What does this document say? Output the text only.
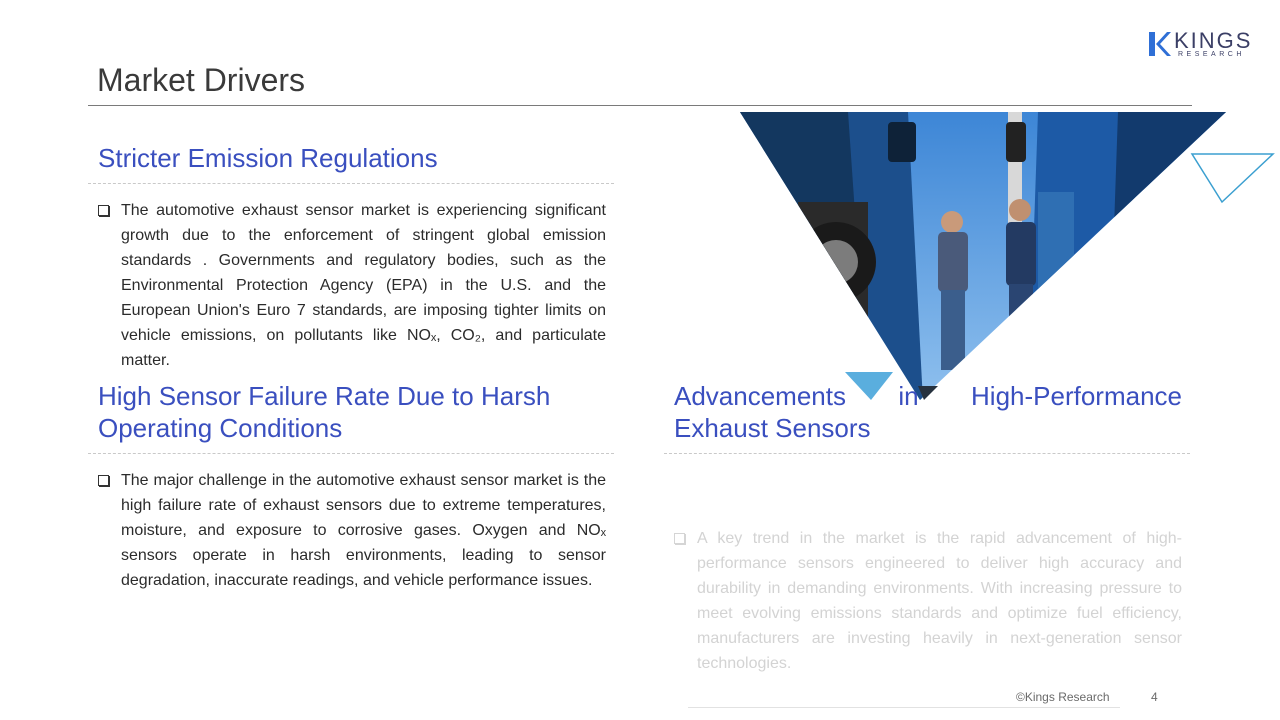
KINGS
RESEARCH
Market Drivers
Stricter Emission Regulations
The automotive exhaust sensor market is experiencing significant growth due to the enforcement of stringent global emission standards . Governments and regulatory bodies, such as the Environmental Protection Agency (EPA) in the U.S. and the European Union's Euro 7 standards, are imposing tighter limits on vehicle emissions, on pollutants like NOₓ, CO₂, and particulate matter.
High Sensor Failure Rate Due to Harsh Operating Conditions
The major challenge in the automotive exhaust sensor market is the high failure rate of exhaust sensors due to extreme temperatures, moisture, and exposure to corrosive gases. Oxygen and NOₓ sensors operate in harsh environments, leading to sensor degradation, inaccurate readings, and vehicle performance issues.
Advancements in High-Performance Exhaust Sensors
A key trend in the market is the rapid advancement of high-performance sensors engineered to deliver high accuracy and durability in demanding environments. With increasing pressure to meet evolving emissions standards and optimize fuel efficiency, manufacturers are investing heavily in next-generation sensor technologies.
©Kings Research	4
